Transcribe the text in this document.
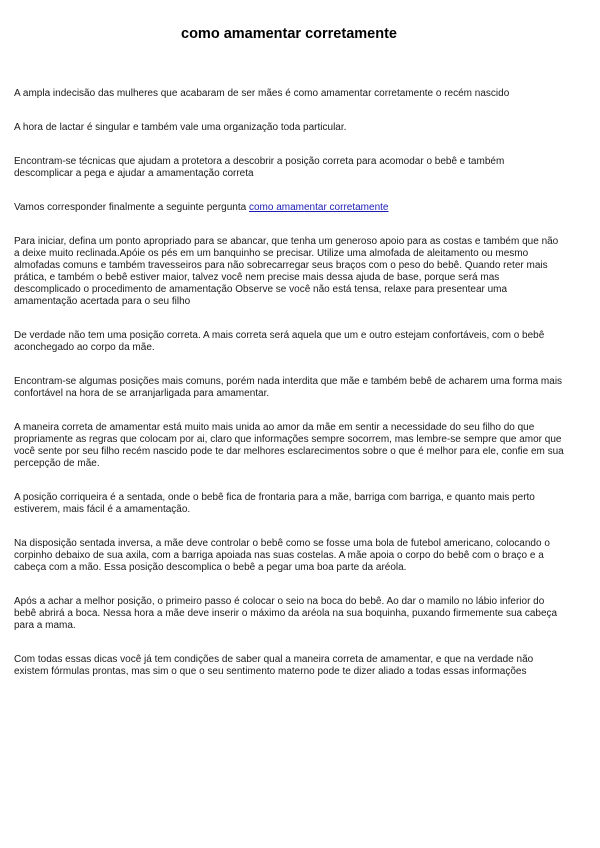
como amamentar corretamente

A ampla indecisão das mulheres que acabaram de ser mães é como amamentar corretamente o recém nascido

A hora de lactar é singular e também vale uma organização toda particular.

Encontram-se técnicas que ajudam a protetora a descobrir a posição correta para acomodar o bebê e também descomplicar a pega e ajudar a amamentação correta

Vamos corresponder finalmente a seguinte pergunta como amamentar corretamente

Para iniciar, defina um ponto apropriado para se abancar, que tenha um generoso apoio para as costas e também que não a deixe muito reclinada.Apóie os pés em um banquinho se precisar. Utilize uma almofada de aleitamento ou mesmo almofadas comuns e também travesseiros para não sobrecarregar seus braços com o peso do bebê. Quando reter mais prática, e também o bebê estiver maior, talvez você nem precise mais dessa ajuda de base, porque será mas descomplicado o procedimento de amamentação Observe se você não está tensa, relaxe para presentear uma amamentação acertada para o seu filho

De verdade não tem uma posição correta. A mais correta será aquela que um e outro estejam confortáveis, com o bebê aconchegado ao corpo da mãe.

Encontram-se algumas posições mais comuns, porém nada interdita que mãe e também bebê de acharem uma forma mais confortável na hora de se arranjarligada para amamentar.

A maneira correta de amamentar está muito mais unida ao amor da mãe em sentir a necessidade do seu filho do que propriamente as regras que colocam por ai, claro que informações sempre socorrem, mas lembre-se sempre que amor que você sente por seu filho recém nascido pode te dar melhores esclarecimentos sobre o que é melhor para ele, confie em sua percepção de mãe.

A posição corriqueira é a sentada, onde o bebê fica de frontaria para a mãe, barriga com barriga, e quanto mais perto estiverem, mais fácil é a amamentação.

Na disposição sentada inversa, a mãe deve controlar o bebê como se fosse uma bola de futebol americano, colocando o corpinho debaixo de sua axila, com a barriga apoiada nas suas costelas. A mãe apoia o corpo do bebê com o braço e a cabeça com a mão. Essa posição descomplica o bebê a pegar uma boa parte da aréola.

Após a achar a melhor posição, o primeiro passo é colocar o seio na boca do bebê. Ao dar o mamilo no lábio inferior do bebê abrirá a boca. Nessa hora a mãe deve inserir o máximo da aréola na sua boquinha, puxando firmemente sua cabeça para a mama.

Com todas essas dicas você já tem condições de saber qual a maneira correta de amamentar, e que na verdade não existem fórmulas prontas, mas sim o que o seu sentimento materno pode te dizer aliado a todas essas informações
